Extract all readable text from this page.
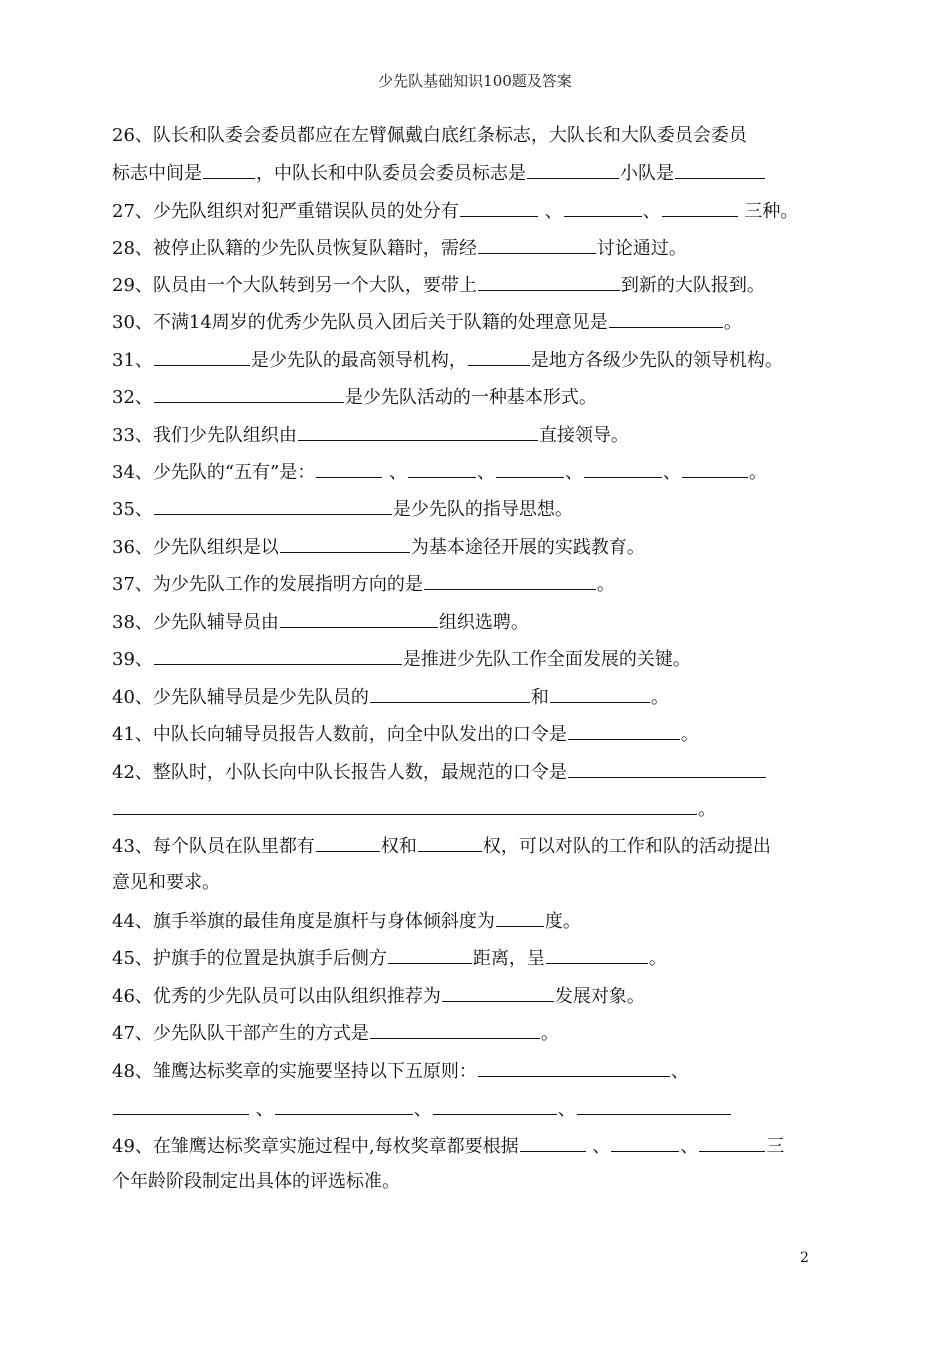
少先队基础知识100题及答案
26、队长和队委会委员都应在左臂佩戴白底红条标志，大队长和大队委员会委员
标志中间是	，中队长和中队委员会委员标志是	小队是
27、少先队组织对犯严重错误队员的处分有	、	、	三种。
28、被停止队籍的少先队员恢复队籍时，需经	讨论通过。
29、队员由一个大队转到另一个大队，要带上	到新的大队报到。
30、不满14周岁的优秀少先队员入团后关于队籍的处理意见是	。
31、	是少先队的最高领导机构，	是地方各级少先队的领导机构。
32、	是少先队活动的一种基本形式。
33、我们少先队组织由	直接领导。
34、少先队的“五有”是：	、	、	、	、	。
35、	是少先队的指导思想。
36、少先队组织是以	为基本途径开展的实践教育。
37、为少先队工作的发展指明方向的是	。
38、少先队辅导员由	组织选聘。
39、	是推进少先队工作全面发展的关键。
40、少先队辅导员是少先队员的	和	。
41、中队长向辅导员报告人数前，向全中队发出的口令是	。
42、整队时，小队长向中队长报告人数，最规范的口令是
。
43、每个队员在队里都有	权和	权，可以对队的工作和队的活动提出
意见和要求。
44、旗手举旗的最佳角度是旗杆与身体倾斜度为	度。
45、护旗手的位置是执旗手后侧方	距离，呈	。
46、优秀的少先队员可以由队组织推荐为	发展对象。
47、少先队队干部产生的方式是	。
48、雏鹰达标奖章的实施要坚持以下五原则：	、
、	、	、
49、在雏鹰达标奖章实施过程中,每枚奖章都要根据	、	、	三
个年龄阶段制定出具体的评选标准。
2
